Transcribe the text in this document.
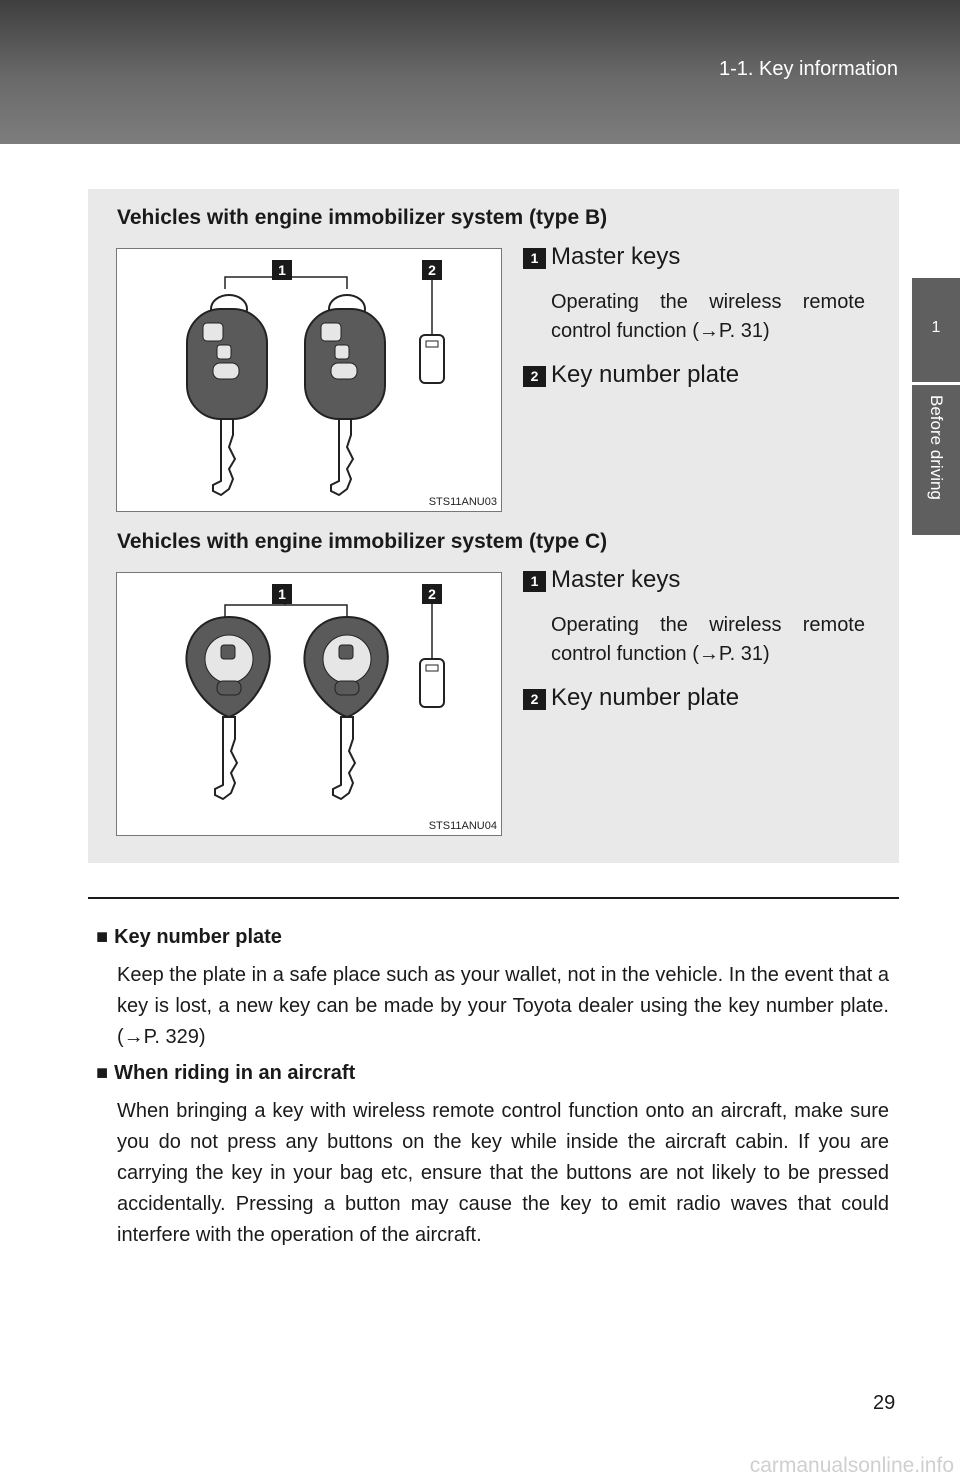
1-1. Key information
1
Before driving
Vehicles with engine immobilizer system (type B)
1	2
STS11ANU03
1 Master keys
Operating the wireless remote control function (→P. 31)
2 Key number plate
Vehicles with engine immobilizer system (type C)
1	2
STS11ANU04
1 Master keys
Operating the wireless remote control function (→P. 31)
2 Key number plate
■ Key number plate
Keep the plate in a safe place such as your wallet, not in the vehicle. In the event that a key is lost, a new key can be made by your Toyota dealer using the key number plate. (→P. 329)
■ When riding in an aircraft
When bringing a key with wireless remote control function onto an aircraft, make sure you do not press any buttons on the key while inside the aircraft cabin. If you are carrying the key in your bag etc, ensure that the buttons are not likely to be pressed accidentally. Pressing a button may cause the key to emit radio waves that could interfere with the operation of the aircraft.
29
carmanualsonline.info
